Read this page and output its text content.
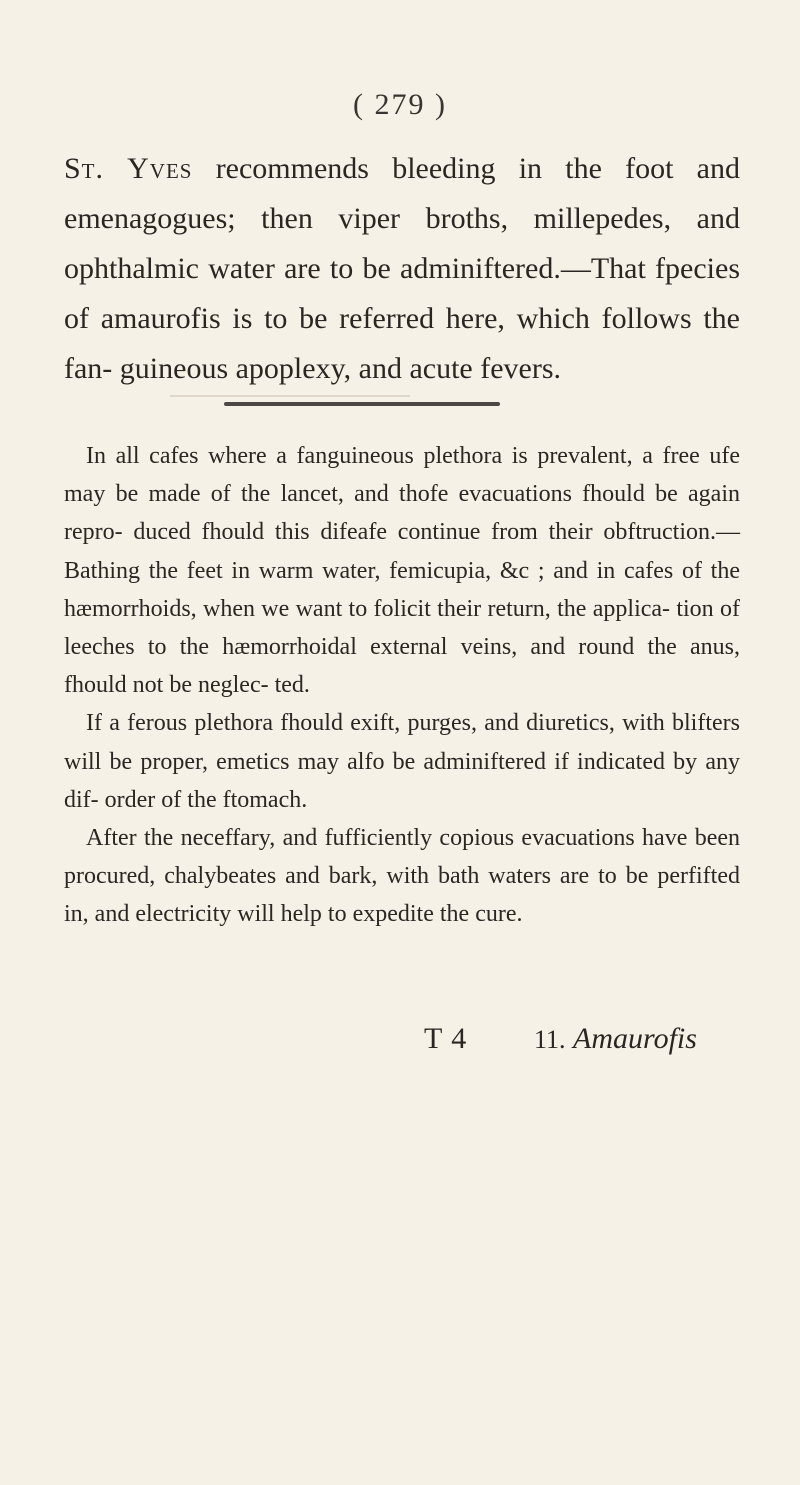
( 279 )

St. Yves recommends bleeding in the foot and emenagogues; then viper broths, millepedes, and ophthalmic water are to be adminiftered.—That fpecies of amaurofis is to be referred here, which follows the fan- guineous apoplexy, and acute fevers.

In all cafes where a fanguineous plethora is prevalent, a free ufe may be made of the lancet, and thofe evacuations fhould be again repro- duced fhould this difeafe continue from their obftruction.—Bathing the feet in warm water, femicupia, &c ; and in cafes of the hæmorrhoids, when we want to folicit their return, the applica- tion of leeches to the hæmorrhoidal external veins, and round the anus, fhould not be neglec- ted.

If a ferous plethora fhould exift, purges, and diuretics, with blifters will be proper, emetics may alfo be adminiftered if indicated by any dif- order of the ftomach.

After the neceffary, and fufficiently copious evacuations have been procured, chalybeates and bark, with bath waters are to be perfifted in, and electricity will help to expedite the cure.

T 4	11. Amaurofis
